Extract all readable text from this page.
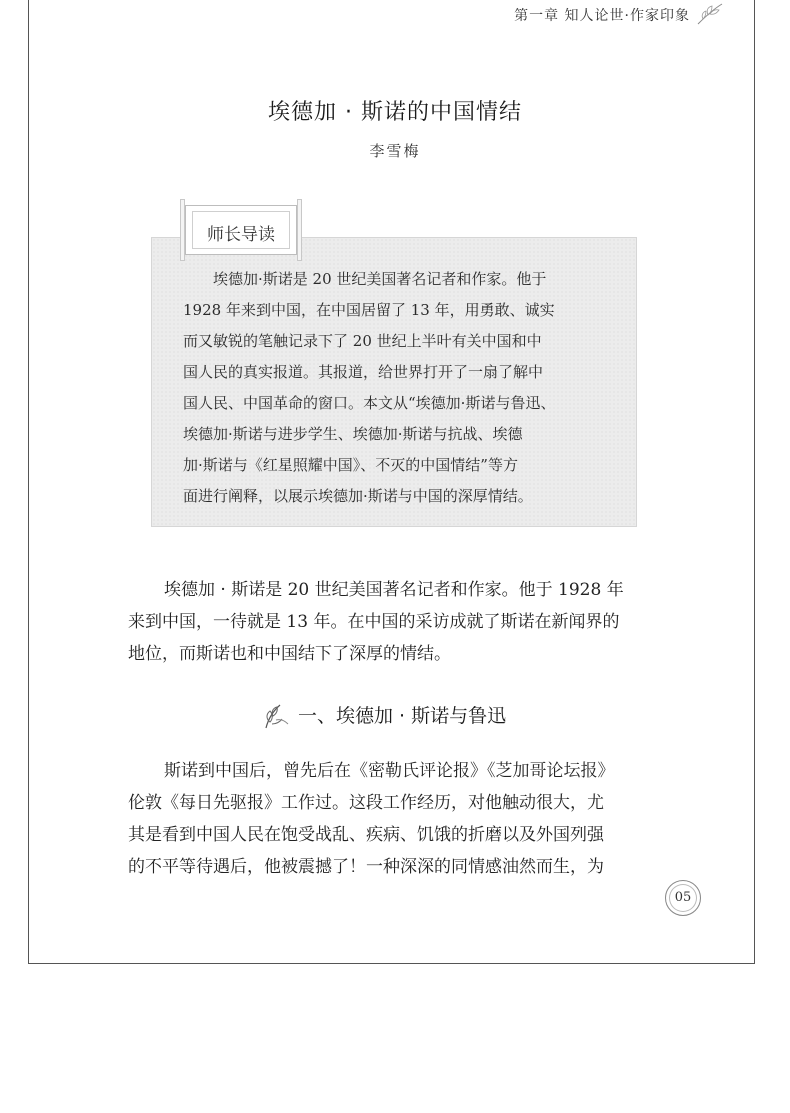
第一章 知人论世·作家印象
埃德加 · 斯诺的中国情结
李雪梅
师长导读
埃德加·斯诺是 20 世纪美国著名记者和作家。他于
1928 年来到中国，在中国居留了 13 年，用勇敢、诚实
而又敏锐的笔触记录下了 20 世纪上半叶有关中国和中
国人民的真实报道。其报道，给世界打开了一扇了解中
国人民、中国革命的窗口。本文从“埃德加·斯诺与鲁迅、
埃德加·斯诺与进步学生、埃德加·斯诺与抗战、埃德
加·斯诺与《红星照耀中国》、不灭的中国情结”等方
面进行阐释，以展示埃德加·斯诺与中国的深厚情结。
埃德加 · 斯诺是 20 世纪美国著名记者和作家。他于 1928 年
来到中国，一待就是 13 年。在中国的采访成就了斯诺在新闻界的
地位，而斯诺也和中国结下了深厚的情结。
一、埃德加 · 斯诺与鲁迅
斯诺到中国后，曾先后在《密勒氏评论报》《芝加哥论坛报》
伦敦《每日先驱报》工作过。这段工作经历，对他触动很大，尤
其是看到中国人民在饱受战乱、疾病、饥饿的折磨以及外国列强
的不平等待遇后，他被震撼了！一种深深的同情感油然而生，为
05
